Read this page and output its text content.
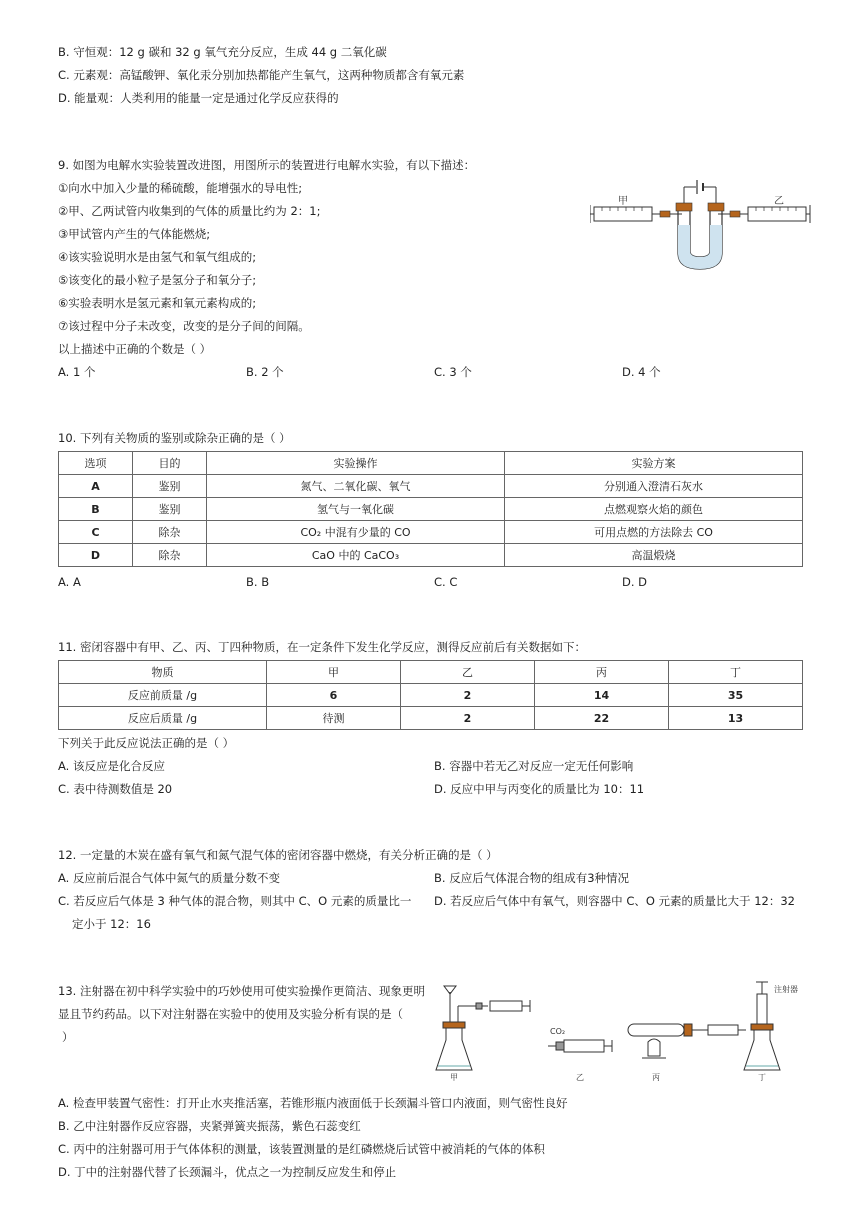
B. 守恒观：12 g 碳和 32 g 氧气充分反应，生成 44 g 二氧化碳
C. 元素观：高锰酸钾、氧化汞分别加热都能产生氧气，这两种物质都含有氧元素
D. 能量观：人类利用的能量一定是通过化学反应获得的
9. 如图为电解水实验装置改进图，用图所示的装置进行电解水实验，有以下描述：
①向水中加入少量的稀硫酸，能增强水的导电性;
②甲、乙两试管内收集到的气体的质量比约为 2：1;
③甲试管内产生的气体能燃烧;
④该实验说明水是由氢气和氧气组成的;
⑤该变化的最小粒子是氢分子和氧分子;
⑥实验表明水是氢元素和氧元素构成的;
⑦该过程中分子未改变，改变的是分子间的间隔。
以上描述中正确的个数是（ ）
A. 1 个	B. 2 个	C. 3 个	D. 4 个
甲	乙
10. 下列有关物质的鉴别或除杂正确的是（ ）
选项	目的	实验操作	实验方案
A	鉴别	氮气、二氧化碳、氧气	分别通入澄清石灰水
B	鉴别	氢气与一氧化碳	点燃观察火焰的颜色
C	除杂	CO₂ 中混有少量的 CO	可用点燃的方法除去 CO
D	除杂	CaO 中的 CaCO₃	高温煅烧
A. A	B. B	C. C	D. D
11. 密闭容器中有甲、乙、丙、丁四种物质，在一定条件下发生化学反应，测得反应前后有关数据如下：
物质	甲	乙	丙	丁
反应前质量 /g	6	2	14	35
反应后质量 /g	待测	2	22	13
下列关于此反应说法正确的是（ ）
A. 该反应是化合反应	B. 容器中若无乙对反应一定无任何影响
C. 表中待测数值是 20	D. 反应中甲与丙变化的质量比为 10：11
12. 一定量的木炭在盛有氧气和氮气混气体的密闭容器中燃烧，有关分析正确的是（ ）
A. 反应前后混合气体中氮气的质量分数不变	B. 反应后气体混合物的组成有3种情况
C. 若反应后气体是 3 种气体的混合物，则其中 C、O 元素的质量比一
定小于 12：16
D. 若反应后气体中有氧气，则容器中 C、O 元素的质量比大于 12：32
13. 注射器在初中科学实验中的巧妙使用可使实验操作更简洁、现象更明
显且节约药品。以下对注射器在实验中的使用及实验分析有误的是（
）
甲
CO₂
乙	丙
注射器
丁
A. 检查甲装置气密性：打开止水夹推活塞，若锥形瓶内液面低于长颈漏斗管口内液面，则气密性良好
B. 乙中注射器作反应容器，夹紧弹簧夹振荡，紫色石蕊变红
C. 丙中的注射器可用于气体体积的测量，该装置测量的是红磷燃烧后试管中被消耗的气体的体积
D. 丁中的注射器代替了长颈漏斗，优点之一为控制反应发生和停止
